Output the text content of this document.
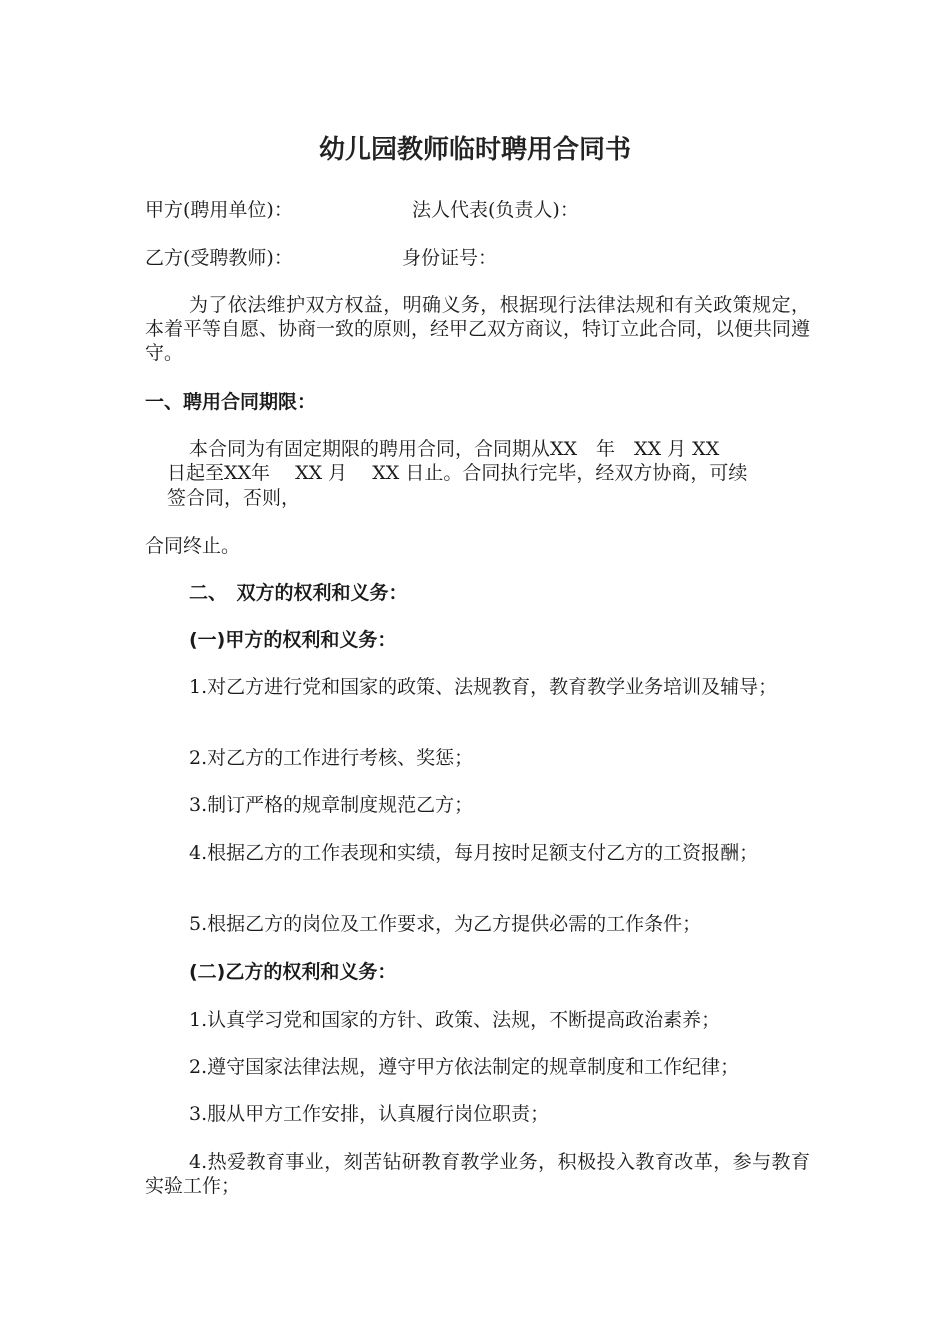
幼儿园教师临时聘用合同书
甲方(聘用单位)：	法人代表(负责人)：
乙方(受聘教师)：	身份证号：
为了依法维护双方权益，明确义务，根据现行法律法规和有关政策规定，本着平等自愿、协商一致的原则，经甲乙双方商议，特订立此合同，以便共同遵守。
一、聘用合同期限：
本合同为有固定期限的聘用合同，合同期从XX　年　XX 月 XX
日起至XX年　 XX 月　 XX 日止。合同执行完毕，经双方协商，可续
签合同，否则，
合同终止。
二、　双方的权利和义务：
(一)甲方的权利和义务：
1.对乙方进行党和国家的政策、法规教育，教育教学业务培训及辅导；
2.对乙方的工作进行考核、奖惩；
3.制订严格的规章制度规范乙方；
4.根据乙方的工作表现和实绩，每月按时足额支付乙方的工资报酬；
5.根据乙方的岗位及工作要求，为乙方提供必需的工作条件；
(二)乙方的权利和义务：
1.认真学习党和国家的方针、政策、法规，不断提高政治素养；
2.遵守国家法律法规，遵守甲方依法制定的规章制度和工作纪律；
3.服从甲方工作安排，认真履行岗位职责；
4.热爱教育事业，刻苦钻研教育教学业务，积极投入教育改革，参与教育实验工作；
